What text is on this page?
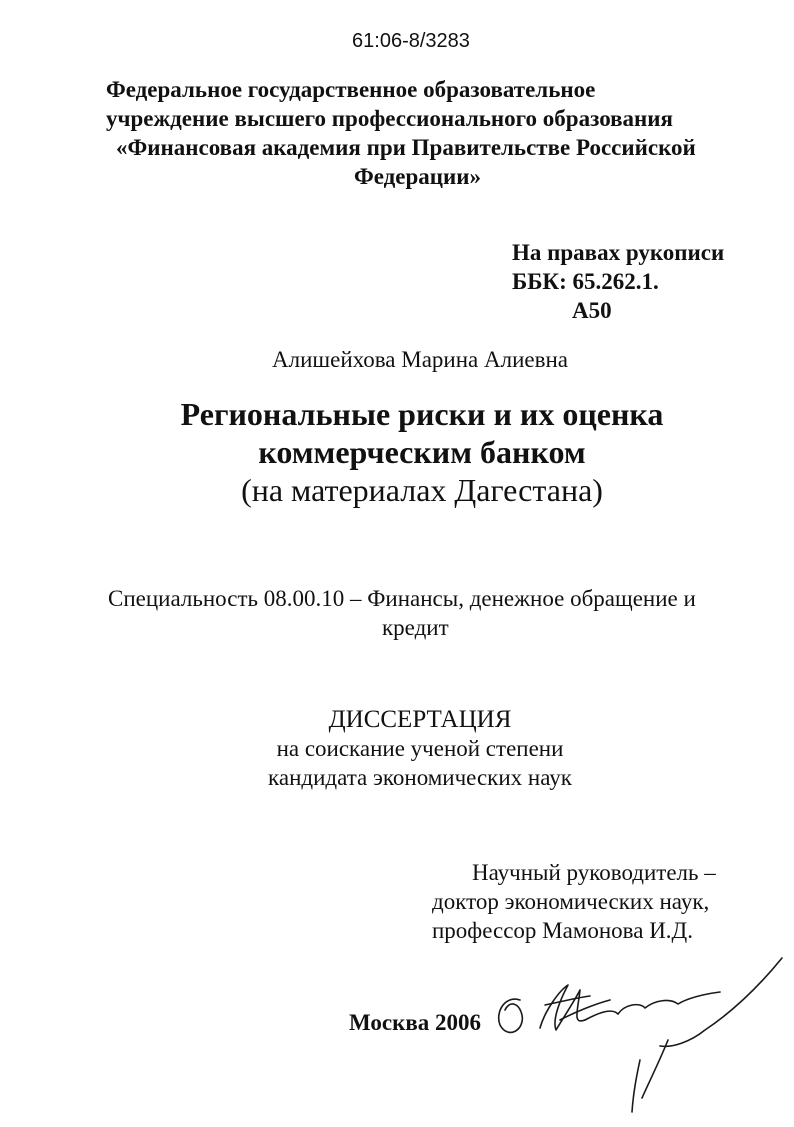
61:06-8/3283
Федеральное государственное образовательное
учреждение высшего профессионального образования
«Финансовая академия при Правительстве Российской
Федерации»
На правах рукописи
ББК: 65.262.1.
А50
Алишейхова Марина Алиевна
Региональные риски и их оценка
коммерческим банком
(на материалах Дагестана)
Специальность 08.00.10 – Финансы, денежное обращение и
кредит
ДИССЕРТАЦИЯ
на соискание ученой степени
кандидата экономических наук
Научный руководитель –
доктор экономических наук,
профессор Мамонова И.Д.
Москва 2006
